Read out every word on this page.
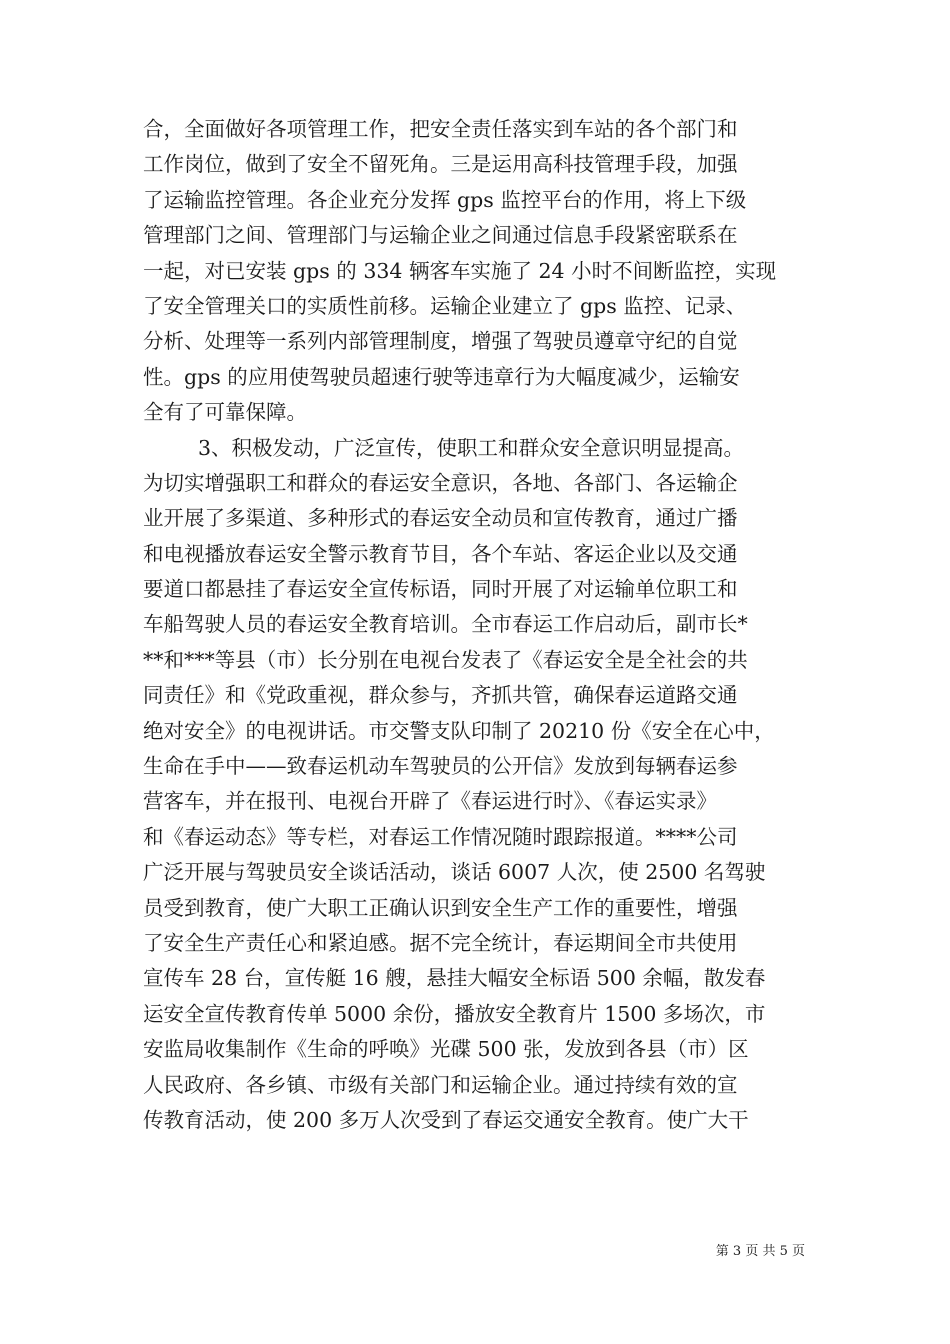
合，全面做好各项管理工作，把安全责任落实到车站的各个部门和
工作岗位，做到了安全不留死角。三是运用高科技管理手段，加强
了运输监控管理。各企业充分发挥 gps 监控平台的作用，将上下级
管理部门之间、管理部门与运输企业之间通过信息手段紧密联系在
一起，对已安装 gps 的 334 辆客车实施了 24 小时不间断监控，实现
了安全管理关口的实质性前移。运输企业建立了 gps 监控、记录、
分析、处理等一系列内部管理制度，增强了驾驶员遵章守纪的自觉
性。gps 的应用使驾驶员超速行驶等违章行为大幅度减少，运输安
全有了可靠保障。
3、积极发动，广泛宣传，使职工和群众安全意识明显提高。
为切实增强职工和群众的春运安全意识，各地、各部门、各运输企
业开展了多渠道、多种形式的春运安全动员和宣传教育，通过广播
和电视播放春运安全警示教育节目，各个车站、客运企业以及交通
要道口都悬挂了春运安全宣传标语，同时开展了对运输单位职工和
车船驾驶人员的春运安全教育培训。全市春运工作启动后，副市长*
**和***等县（市）长分别在电视台发表了《春运安全是全社会的共
同责任》和《党政重视，群众参与，齐抓共管，确保春运道路交通
绝对安全》的电视讲话。市交警支队印制了 20210 份《安全在心中，
生命在手中——致春运机动车驾驶员的公开信》发放到每辆春运参
营客车，并在报刊、电视台开辟了《春运进行时》、《春运实录》
和《春运动态》等专栏，对春运工作情况随时跟踪报道。****公司
广泛开展与驾驶员安全谈话活动，谈话 6007 人次，使 2500 名驾驶
员受到教育，使广大职工正确认识到安全生产工作的重要性，增强
了安全生产责任心和紧迫感。据不完全统计，春运期间全市共使用
宣传车 28 台，宣传艇 16 艘，悬挂大幅安全标语 500 余幅，散发春
运安全宣传教育传单 5000 余份，播放安全教育片 1500 多场次，市
安监局收集制作《生命的呼唤》光碟 500 张，发放到各县（市）区
人民政府、各乡镇、市级有关部门和运输企业。通过持续有效的宣
传教育活动，使 200 多万人次受到了春运交通安全教育。使广大干
第 3 页 共 5 页
